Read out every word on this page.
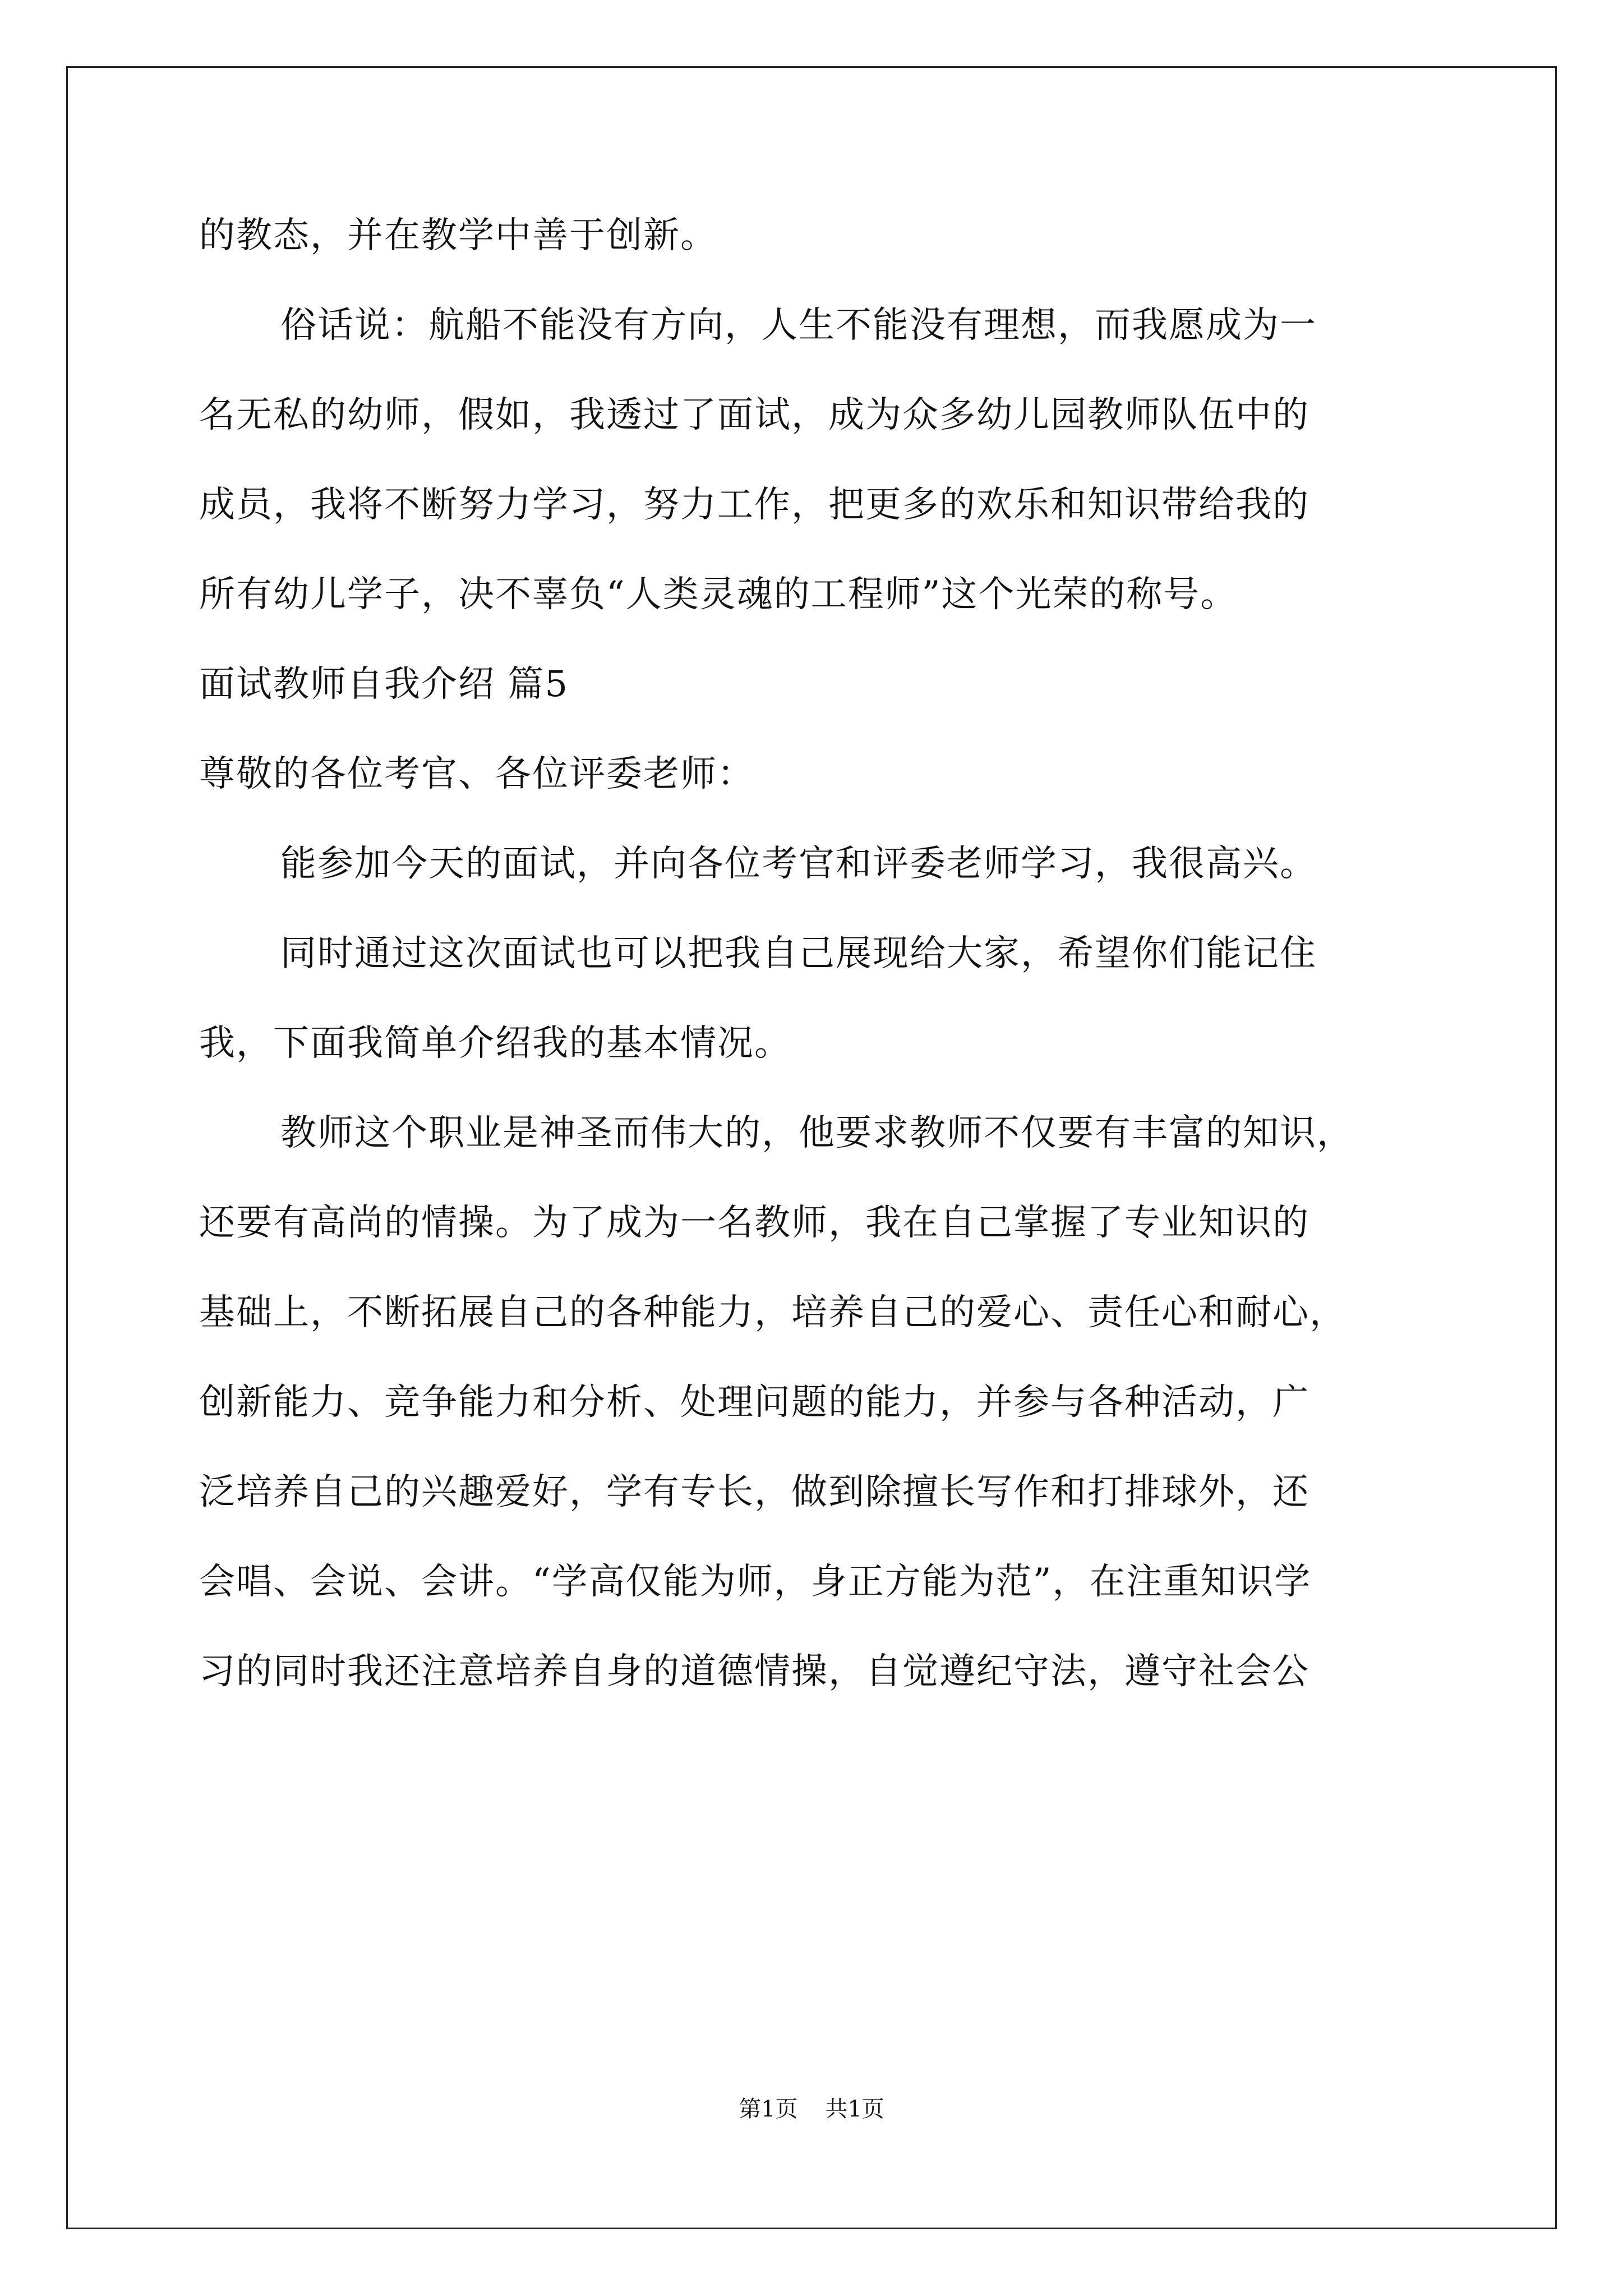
的教态，并在教学中善于创新。
俗话说：航船不能没有方向，人生不能没有理想，而我愿成为一
名无私的幼师，假如，我透过了面试，成为众多幼儿园教师队伍中的
成员，我将不断努力学习，努力工作，把更多的欢乐和知识带给我的
所有幼儿学子，决不辜负“人类灵魂的工程师”这个光荣的称号。
面试教师自我介绍 篇5
尊敬的各位考官、各位评委老师：
能参加今天的面试，并向各位考官和评委老师学习，我很高兴。
同时通过这次面试也可以把我自己展现给大家，希望你们能记住
我，下面我简单介绍我的基本情况。
教师这个职业是神圣而伟大的，他要求教师不仅要有丰富的知识，
还要有高尚的情操。为了成为一名教师，我在自己掌握了专业知识的
基础上，不断拓展自己的各种能力，培养自己的爱心、责任心和耐心，
创新能力、竞争能力和分析、处理问题的能力，并参与各种活动，广
泛培养自己的兴趣爱好，学有专长，做到除擅长写作和打排球外，还
会唱、会说、会讲。“学高仅能为师，身正方能为范”，在注重知识学
习的同时我还注意培养自身的道德情操，自觉遵纪守法，遵守社会公
第1页 共1页
